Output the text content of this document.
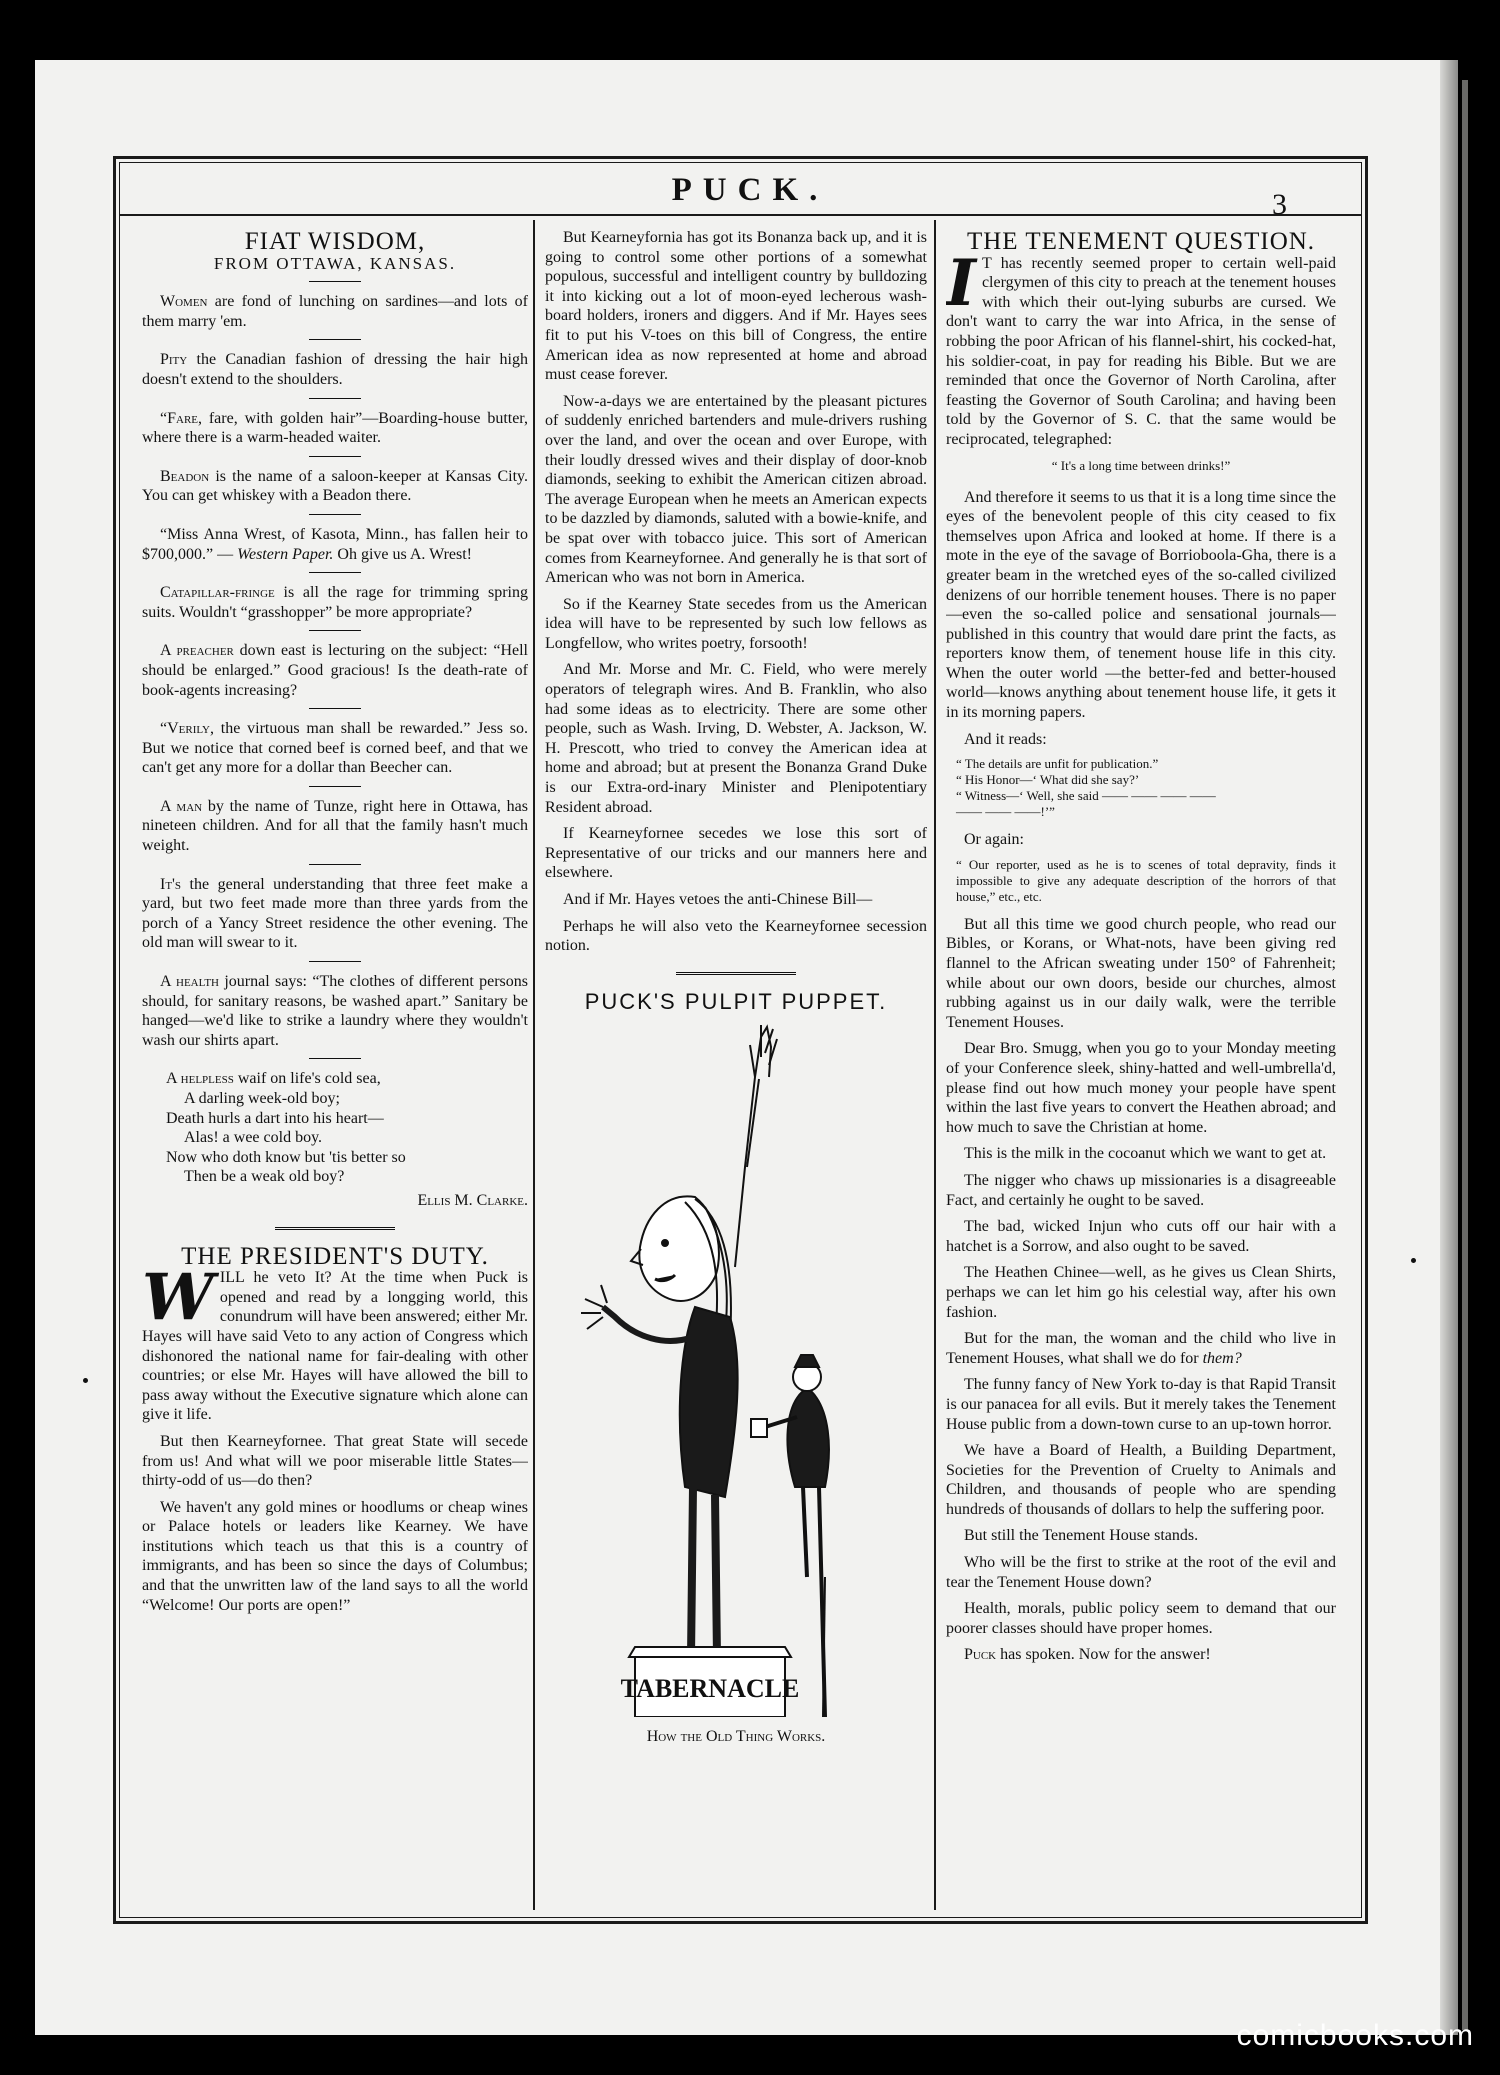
PUCK.	3
FIAT WISDOM,
FROM OTTAWA, KANSAS.

Women are fond of lunching on sardines—and lots of them marry 'em.

Pity the Canadian fashion of dressing the hair high doesn't extend to the shoulders.

“Fare, fare, with golden hair”—Boarding-house butter, where there is a warm-headed waiter.

Beadon is the name of a saloon-keeper at Kansas City. You can get whiskey with a Beadon there.

“Miss Anna Wrest, of Kasota, Minn., has fallen heir to $700,000.” — Western Paper. Oh give us A. Wrest!

Catapillar-fringe is all the rage for trimming spring suits. Wouldn't “grasshopper” be more appropriate?

A preacher down east is lecturing on the subject: “Hell should be enlarged.” Good gracious! Is the death-rate of book-agents increasing?

“Verily, the virtuous man shall be rewarded.” Jess so. But we notice that corned beef is corned beef, and that we can't get any more for a dollar than Beecher can.

A man by the name of Tunze, right here in Ottawa, has nineteen children. And for all that the family hasn't much weight.

It's the general understanding that three feet make a yard, but two feet made more than three yards from the porch of a Yancy Street residence the other evening. The old man will swear to it.

A health journal says: “The clothes of different persons should, for sanitary reasons, be washed apart.” Sanitary be hanged—we'd like to strike a laundry where they wouldn't wash our shirts apart.

A helpless waif on life's cold sea,
A darling week-old boy;
Death hurls a dart into his heart—
Alas! a wee cold boy.
Now who doth know but 'tis better so
Then be a weak old boy?
Ellis M. Clarke.
THE PRESIDENT'S DUTY.

WILL he veto It? At the time when Puck is opened and read by a longging world, this conundrum will have been answered; either Mr. Hayes will have said Veto to any action of Congress which dishonored the national name for fair-dealing with other countries; or else Mr. Hayes will have allowed the bill to pass away without the Executive signature which alone can give it life.

But then Kearneyfornee. That great State will secede from us! And what will we poor miserable little States—thirty-odd of us—do then?

We haven't any gold mines or hoodlums or cheap wines or Palace hotels or leaders like Kearney. We have institutions which teach us that this is a country of immigrants, and has been so since the days of Columbus; and that the unwritten law of the land says to all the world “Welcome! Our ports are open!”

But Kearneyfornia has got its Bonanza back up, and it is going to control some other portions of a somewhat populous, successful and intelligent country by bulldozing it into kicking out a lot of moon-eyed lecherous wash-board holders, ironers and diggers. And if Mr. Hayes sees fit to put his V-toes on this bill of Congress, the entire American idea as now represented at home and abroad must cease forever.

Now-a-days we are entertained by the pleasant pictures of suddenly enriched bartenders and mule-drivers rushing over the land, and over the ocean and over Europe, with their loudly dressed wives and their display of door-knob diamonds, seeking to exhibit the American citizen abroad. The average European when he meets an American expects to be dazzled by diamonds, saluted with a bowie-knife, and be spat over with tobacco juice. This sort of American comes from Kearneyfornee. And generally he is that sort of American who was not born in America.

So if the Kearney State secedes from us the American idea will have to be represented by such low fellows as Longfellow, who writes poetry, forsooth!

And Mr. Morse and Mr. C. Field, who were merely operators of telegraph wires. And B. Franklin, who also had some ideas as to electricity. There are some other people, such as Wash. Irving, D. Webster, A. Jackson, W. H. Prescott, who tried to convey the American idea at home and abroad; but at present the Bonanza Grand Duke is our Extra-ord-inary Minister and Plenipotentiary Resident abroad.

If Kearneyfornee secedes we lose this sort of Representative of our tricks and our manners here and elsewhere.

And if Mr. Hayes vetoes the anti-Chinese Bill—

Perhaps he will also veto the Kearneyfornee secession notion.

PUCK'S PULPIT PUPPET.
TABERNACLE
How the Old Thing Works.
THE TENEMENT QUESTION.

I T has recently seemed proper to certain well-paid clergymen of this city to preach at the tenement houses with which their out-lying suburbs are cursed. We don't want to carry the war into Africa, in the sense of robbing the poor African of his flannel-shirt, his cocked-hat, his soldier-coat, in pay for reading his Bible. But we are reminded that once the Governor of North Carolina, after feasting the Governor of South Carolina; and having been told by the Governor of S. C. that the same would be reciprocated, telegraphed:

“ It's a long time between drinks!”

And therefore it seems to us that it is a long time since the eyes of the benevolent people of this city ceased to fix themselves upon Africa and looked at home. If there is a mote in the eye of the savage of Borrioboola-Gha, there is a greater beam in the wretched eyes of the so-called civilized denizens of our horrible tenement houses. There is no paper—even the so-called police and sensational journals—published in this country that would dare print the facts, as reporters know them, of tenement house life in this city. When the outer world —the better-fed and better-housed world—knows anything about tenement house life, it gets it in its morning papers.

And it reads:

“ The details are unfit for publication.”
“ His Honor—‘ What did she say?’
“ Witness—‘ Well, she said —— —— —— ——
—— —— ——!’”

Or again:

“ Our reporter, used as he is to scenes of total depravity, finds it impossible to give any adequate description of the horrors of that house,” etc., etc.

But all this time we good church people, who read our Bibles, or Korans, or What-nots, have been giving red flannel to the African sweating under 150° of Fahrenheit; while about our own doors, beside our churches, almost rubbing against us in our daily walk, were the terrible Tenement Houses.

Dear Bro. Smugg, when you go to your Monday meeting of your Conference sleek, shiny-hatted and well-umbrella'd, please find out how much money your people have spent within the last five years to convert the Heathen abroad; and how much to save the Christian at home.

This is the milk in the cocoanut which we want to get at.

The nigger who chaws up missionaries is a disagreeable Fact, and certainly he ought to be saved.

The bad, wicked Injun who cuts off our hair with a hatchet is a Sorrow, and also ought to be saved.

The Heathen Chinee—well, as he gives us Clean Shirts, perhaps we can let him go his celestial way, after his own fashion.

But for the man, the woman and the child who live in Tenement Houses, what shall we do for them?

The funny fancy of New York to-day is that Rapid Transit is our panacea for all evils. But it merely takes the Tenement House public from a down-town curse to an up-town horror.

We have a Board of Health, a Building Department, Societies for the Prevention of Cruelty to Animals and Children, and thousands of people who are spending hundreds of thousands of dollars to help the suffering poor.

But still the Tenement House stands.

Who will be the first to strike at the root of the evil and tear the Tenement House down?

Health, morals, public policy seem to demand that our poorer classes should have proper homes.

Puck has spoken. Now for the answer!

comicbooks.com
